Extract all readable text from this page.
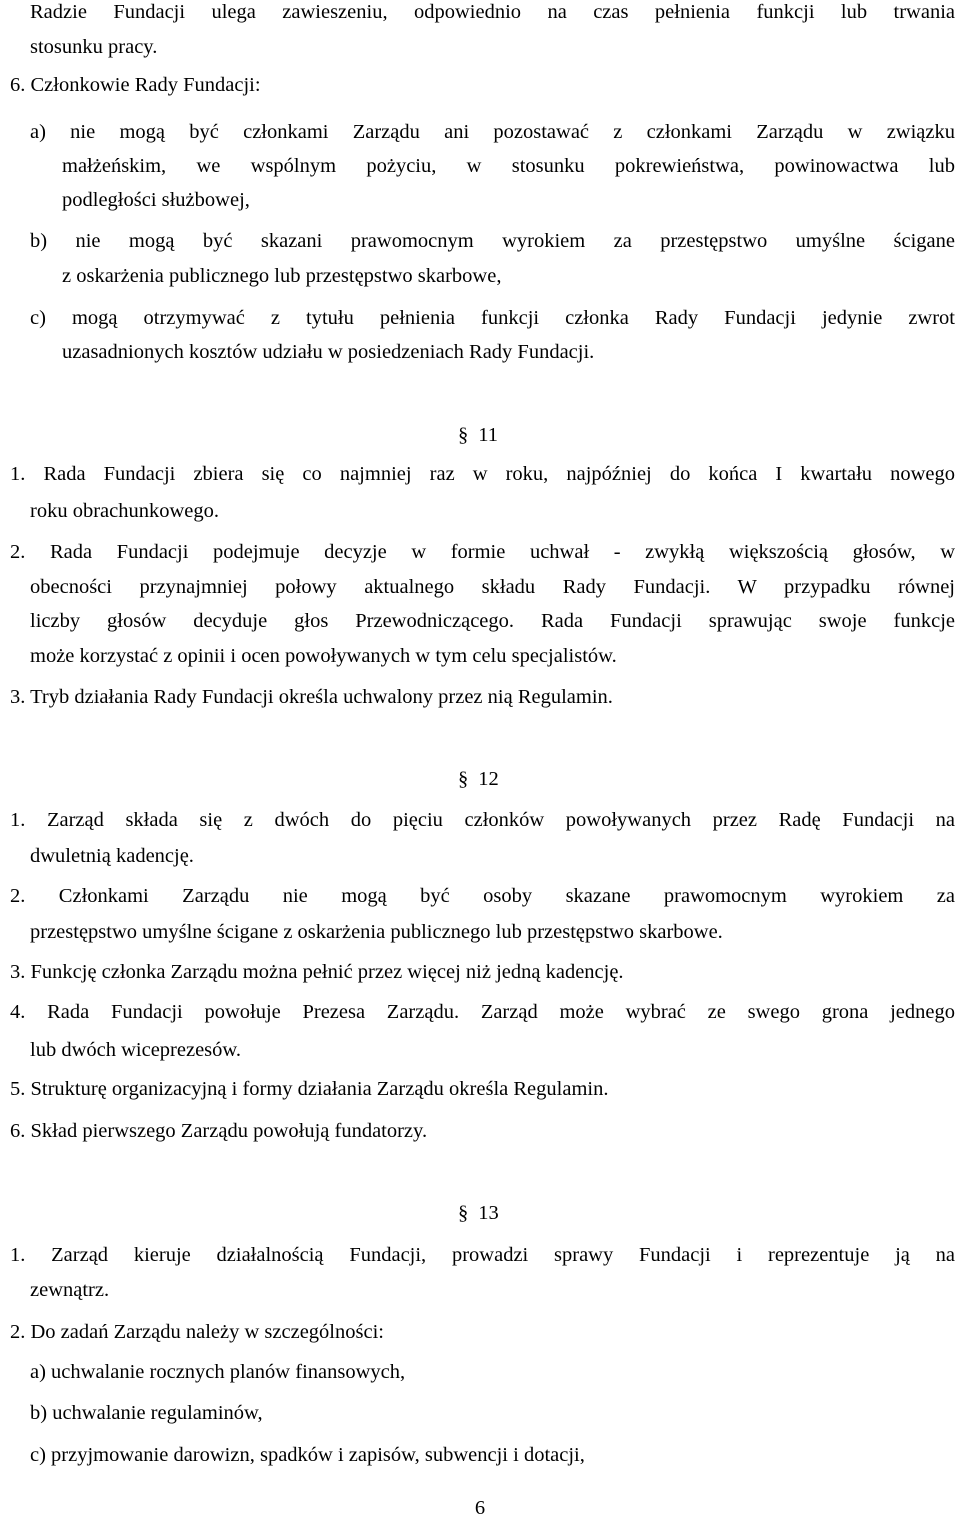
Radzie Fundacji ulega zawieszeniu, odpowiednio na czas pełnienia funkcji lub trwania
stosunku pracy.
6. Członkowie Rady Fundacji:
a) nie mogą być członkami Zarządu ani pozostawać z członkami Zarządu w związku
małżeńskim, we wspólnym pożyciu, w stosunku pokrewieństwa, powinowactwa lub
podległości służbowej,
b) nie mogą być skazani prawomocnym wyrokiem za przestępstwo umyślne ścigane
z oskarżenia publicznego lub przestępstwo skarbowe,
c) mogą otrzymywać z tytułu pełnienia funkcji członka Rady Fundacji jedynie zwrot
uzasadnionych kosztów udziału w posiedzeniach Rady Fundacji.
§ 11
1. Rada Fundacji zbiera się co najmniej raz w roku, najpóźniej do końca I kwartału nowego
roku obrachunkowego.
2. Rada Fundacji podejmuje decyzje w formie uchwał - zwykłą większością głosów, w
obecności przynajmniej połowy aktualnego składu Rady Fundacji. W przypadku równej
liczby głosów decyduje głos Przewodniczącego. Rada Fundacji sprawując swoje funkcje
może korzystać z opinii i ocen powoływanych w tym celu specjalistów.
3. Tryb działania Rady Fundacji określa uchwalony przez nią Regulamin.
§ 12
1. Zarząd składa się z dwóch do pięciu członków powoływanych przez Radę Fundacji na
dwuletnią kadencję.
2. Członkami Zarządu nie mogą być osoby skazane prawomocnym wyrokiem za
przestępstwo umyślne ścigane z oskarżenia publicznego lub przestępstwo skarbowe.
3. Funkcję członka Zarządu można pełnić przez więcej niż jedną kadencję.
4. Rada Fundacji powołuje Prezesa Zarządu. Zarząd może wybrać ze swego grona jednego
lub dwóch wiceprezesów.
5. Strukturę organizacyjną i formy działania Zarządu określa Regulamin.
6. Skład pierwszego Zarządu powołują fundatorzy.
§ 13
1. Zarząd kieruje działalnością Fundacji, prowadzi sprawy Fundacji i reprezentuje ją na
zewnątrz.
2. Do zadań Zarządu należy w szczególności:
a) uchwalanie rocznych planów finansowych,
b) uchwalanie regulaminów,
c) przyjmowanie darowizn, spadków i zapisów, subwencji i dotacji,
6
